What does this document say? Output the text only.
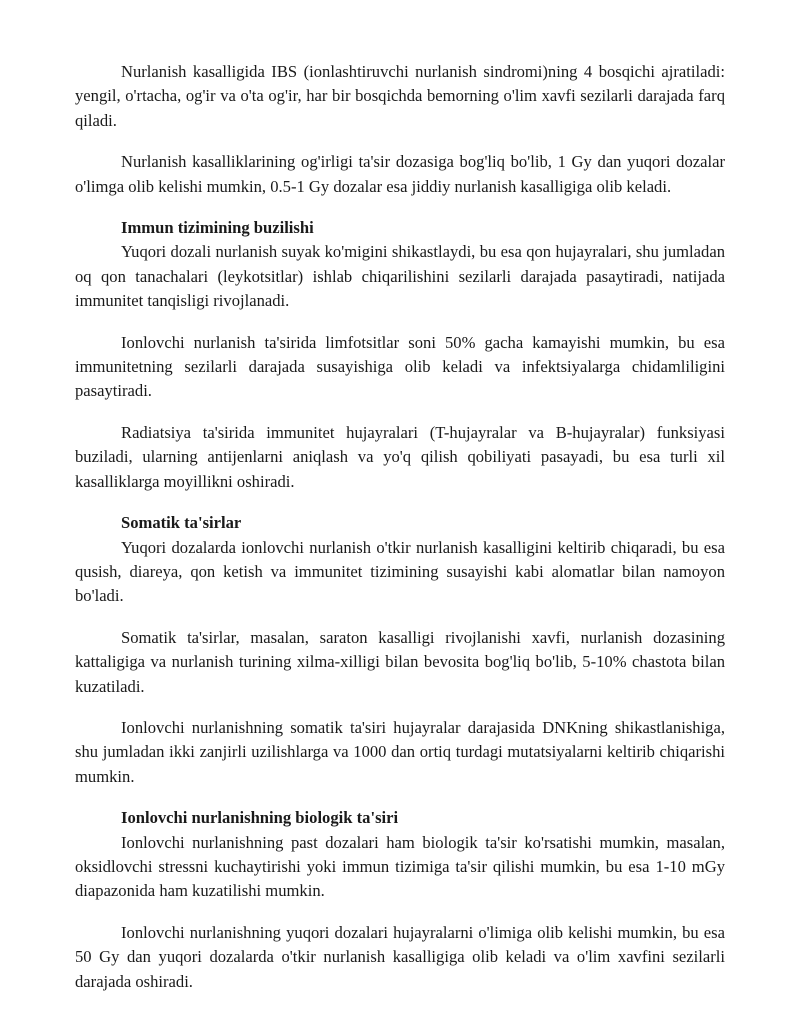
Nurlanish kasalligida IBS (ionlashtiruvchi nurlanish sindromi)ning 4 bosqichi ajratiladi: yengil, o'rtacha, og'ir va o'ta og'ir, har bir bosqichda bemorning o'lim xavfi sezilarli darajada farq qiladi.

Nurlanish kasalliklarining og'irligi ta'sir dozasiga bog'liq bo'lib, 1 Gy dan yuqori dozalar o'limga olib kelishi mumkin, 0.5-1 Gy dozalar esa jiddiy nurlanish kasalligiga olib keladi.

Immun tizimining buzilishi

Yuqori dozali nurlanish suyak ko'migini shikastlaydi, bu esa qon hujayralari, shu jumladan oq qon tanachalari (leykotsitlar) ishlab chiqarilishini sezilarli darajada pasaytiradi, natijada immunitet tanqisligi rivojlanadi.

Ionlovchi nurlanish ta'sirida limfotsitlar soni 50% gacha kamayishi mumkin, bu esa immunitetning sezilarli darajada susayishiga olib keladi va infektsiyalarga chidamliligini pasaytiradi.

Radiatsiya ta'sirida immunitet hujayralari (T-hujayralar va B-hujayralar) funksiyasi buziladi, ularning antijenlarni aniqlash va yo'q qilish qobiliyati pasayadi, bu esa turli xil kasalliklarga moyillikni oshiradi.

Somatik ta'sirlar

Yuqori dozalarda ionlovchi nurlanish o'tkir nurlanish kasalligini keltirib chiqaradi, bu esa qusish, diareya, qon ketish va immunitet tizimining susayishi kabi alomatlar bilan namoyon bo'ladi.

Somatik ta'sirlar, masalan, saraton kasalligi rivojlanishi xavfi, nurlanish dozasining kattaligiga va nurlanish turining xilma-xilligi bilan bevosita bog'liq bo'lib, 5-10% chastota bilan kuzatiladi.

Ionlovchi nurlanishning somatik ta'siri hujayralar darajasida DNKning shikastlanishiga, shu jumladan ikki zanjirli uzilishlarga va 1000 dan ortiq turdagi mutatsiyalarni keltirib chiqarishi mumkin.

Ionlovchi nurlanishning biologik ta'siri

Ionlovchi nurlanishning past dozalari ham biologik ta'sir ko'rsatishi mumkin, masalan, oksidlovchi stressni kuchaytirishi yoki immun tizimiga ta'sir qilishi mumkin, bu esa 1-10 mGy diapazonida ham kuzatilishi mumkin.

Ionlovchi nurlanishning yuqori dozalari hujayralarni o'limiga olib kelishi mumkin, bu esa 50 Gy dan yuqori dozalarda o'tkir nurlanish kasalligiga olib keladi va o'lim xavfini sezilarli darajada oshiradi.
